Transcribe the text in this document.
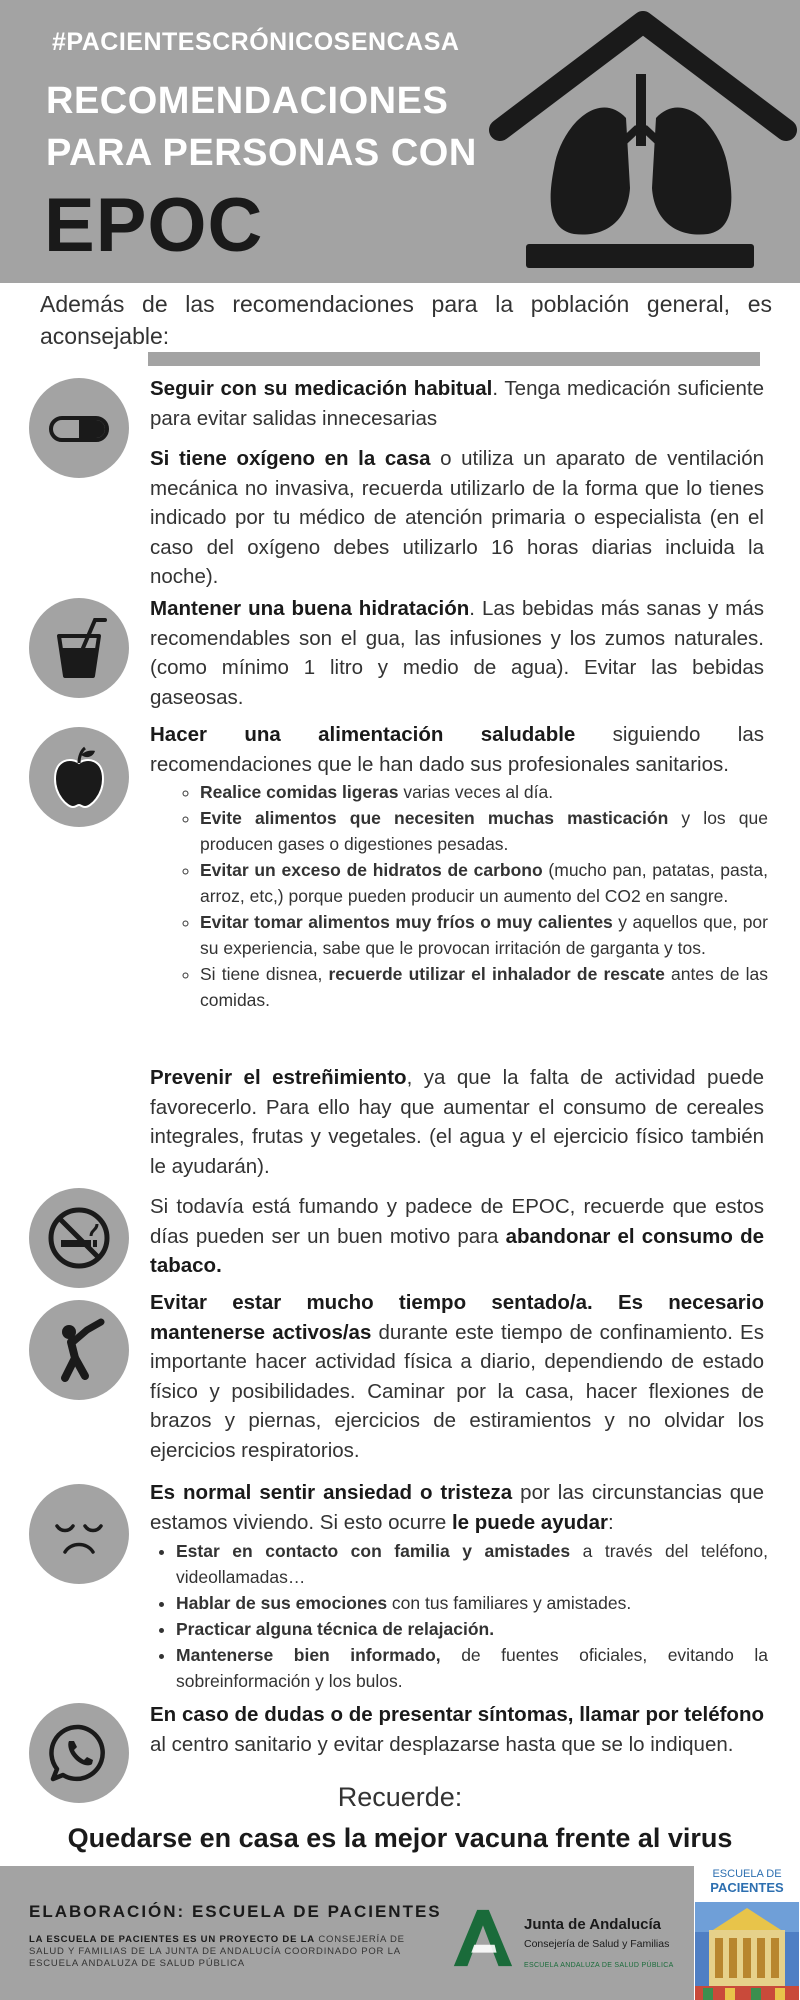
#PACIENTESCRÓNICOSENCASA
RECOMENDACIONES
PARA PERSONAS CON
EPOC
Además de las recomendaciones para la población general, es aconsejable:
Seguir con su medicación habitual. Tenga medicación suficiente para evitar salidas innecesarias
Si tiene oxígeno en la casa o utiliza un aparato de ventilación mecánica no invasiva, recuerda utilizarlo de la forma que lo tienes indicado por tu médico de atención primaria o especialista (en el caso del oxígeno debes utilizarlo 16 horas diarias incluida la noche).
Mantener una buena hidratación. Las bebidas más sanas y más recomendables son el gua, las infusiones y los zumos naturales. (como mínimo 1 litro y medio de agua). Evitar las bebidas gaseosas.
Hacer una alimentación saludable siguiendo las recomendaciones que le han dado sus profesionales sanitarios.
◦ Realice comidas ligeras varias veces al día.
◦ Evite alimentos que necesiten muchas masticación y los que producen gases o digestiones pesadas.
◦ Evitar un exceso de hidratos de carbono (mucho pan, patatas, pasta, arroz, etc,) porque pueden producir un aumento del CO2 en sangre.
◦ Evitar tomar alimentos muy fríos o muy calientes y aquellos que, por su experiencia, sabe que le provocan irritación de garganta y tos.
◦ Si tiene disnea, recuerde utilizar el inhalador de rescate antes de las comidas.
Prevenir el estreñimiento, ya que la falta de actividad puede favorecerlo. Para ello hay que aumentar el consumo de cereales integrales, frutas y vegetales. (el agua y el ejercicio físico también le ayudarán).
Si todavía está fumando y padece de EPOC, recuerde que estos días pueden ser un buen motivo para abandonar el consumo de tabaco.
Evitar estar mucho tiempo sentado/a. Es necesario mantenerse activos/as durante este tiempo de confinamiento. Es importante hacer actividad física a diario, dependiendo de estado físico y posibilidades. Caminar por la casa, hacer flexiones de brazos y piernas, ejercicios de estiramientos y no olvidar los ejercicios respiratorios.
Es normal sentir ansiedad o tristeza por las circunstancias que estamos viviendo. Si esto ocurre le puede ayudar:
• Estar en contacto con familia y amistades a través del teléfono, videollamadas…
• Hablar de sus emociones con tus familiares y amistades.
• Practicar alguna técnica de relajación.
• Mantenerse bien informado, de fuentes oficiales, evitando la sobreinformación y los bulos.
En caso de dudas o de presentar síntomas, llamar por teléfono al centro sanitario y evitar desplazarse hasta que se lo indiquen.
Recuerde:
Quedarse en casa es la mejor vacuna frente al virus
ELABORACIÓN: ESCUELA DE PACIENTES
LA ESCUELA DE PACIENTES ES UN PROYECTO DE LA CONSEJERÍA DE SALUD Y FAMILIAS DE LA JUNTA DE ANDALUCÍA COORDINADO POR LA ESCUELA ANDALUZA DE SALUD PÚBLICA
Junta de Andalucía
Consejería de Salud y Familias
ESCUELA ANDALUZA DE SALUD PÚBLICA
ESCUELA DE
PACIENTES
